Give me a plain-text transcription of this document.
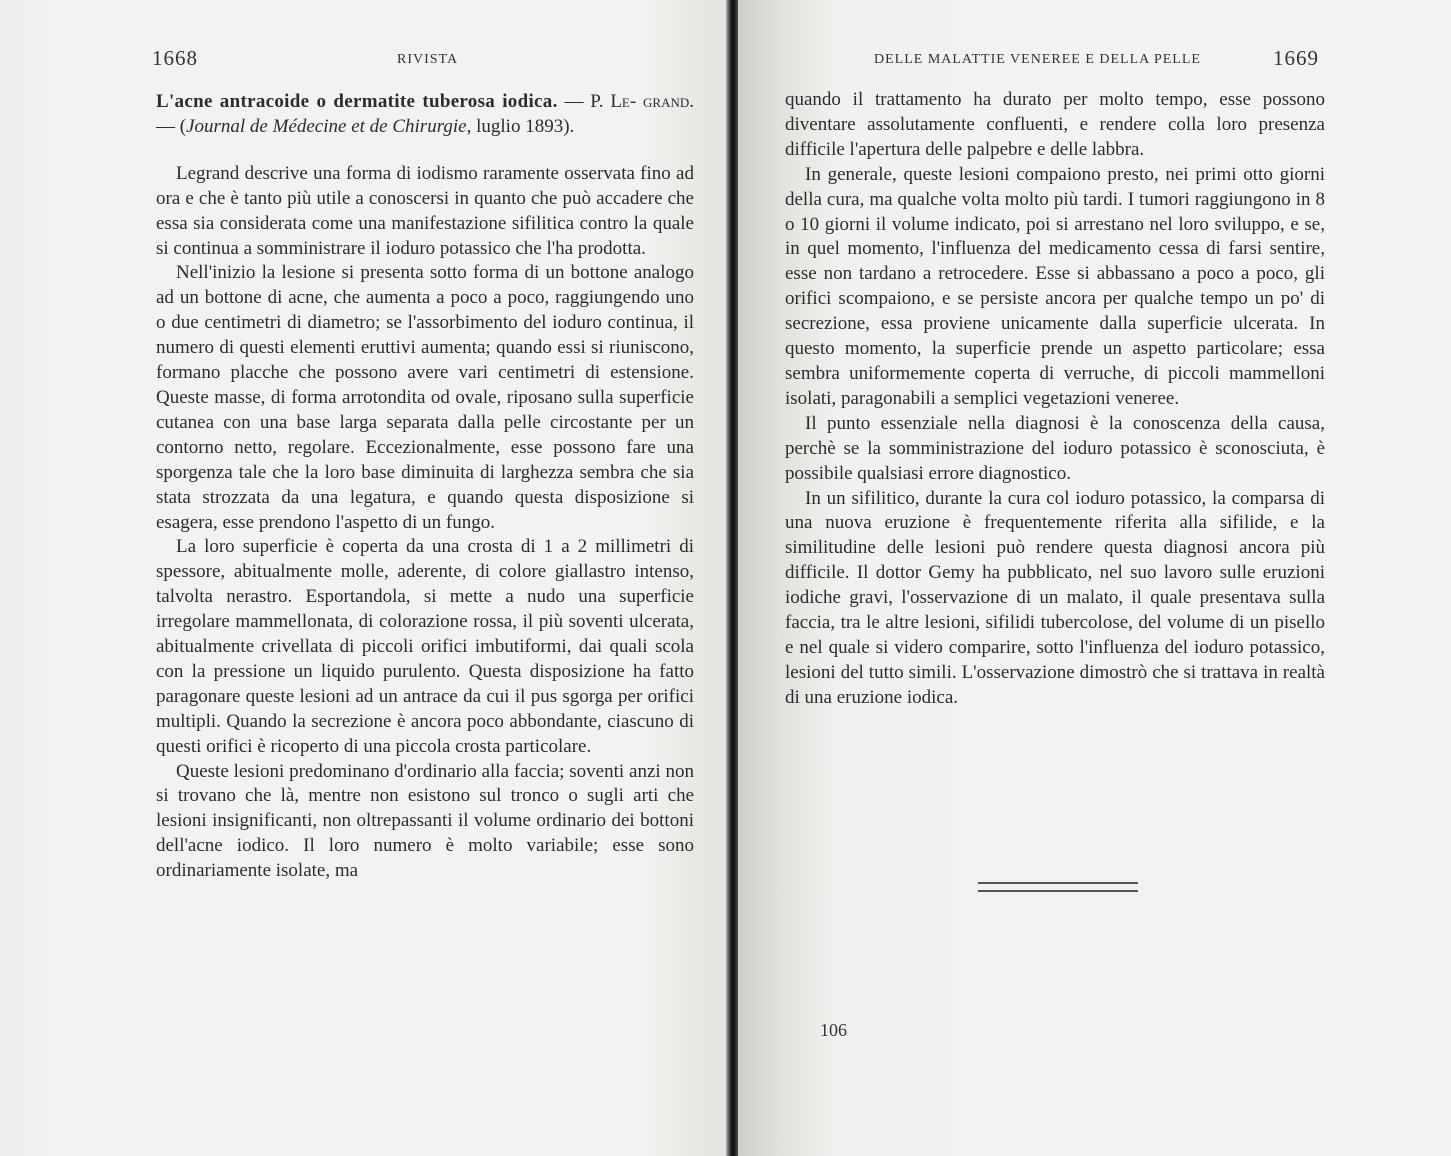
1668	RIVISTA

L'acne antracoide o dermatite tuberosa iodica. — P. Le- grand. — (Journal de Médecine et de Chirurgie, luglio 1893).

Legrand descrive una forma di iodismo raramente osservata fino ad ora e che è tanto più utile a conoscersi in quanto che può accadere che essa sia considerata come una manifestazione sifilitica contro la quale si continua a somministrare il ioduro potassico che l'ha prodotta.

Nell'inizio la lesione si presenta sotto forma di un bottone analogo ad un bottone di acne, che aumenta a poco a poco, raggiungendo uno o due centimetri di diametro; se l'assorbimento del ioduro continua, il numero di questi elementi eruttivi aumenta; quando essi si riuniscono, formano placche che possono avere vari centimetri di estensione. Queste masse, di forma arrotondita od ovale, riposano sulla superficie cutanea con una base larga separata dalla pelle circostante per un contorno netto, regolare. Eccezionalmente, esse possono fare una sporgenza tale che la loro base diminuita di larghezza sembra che sia stata strozzata da una legatura, e quando questa disposizione si esagera, esse prendono l'aspetto di un fungo.

La loro superficie è coperta da una crosta di 1 a 2 millimetri di spessore, abitualmente molle, aderente, di colore giallastro intenso, talvolta nerastro. Esportandola, si mette a nudo una superficie irregolare mammellonata, di colorazione rossa, il più soventi ulcerata, abitualmente crivellata di piccoli orifici imbutiformi, dai quali scola con la pressione un liquido purulento. Questa disposizione ha fatto paragonare queste lesioni ad un antrace da cui il pus sgorga per orifici multipli. Quando la secrezione è ancora poco abbondante, ciascuno di questi orifici è ricoperto di una piccola crosta particolare.

Queste lesioni predominano d'ordinario alla faccia; soventi anzi non si trovano che là, mentre non esistono sul tronco o sugli arti che lesioni insignificanti, non oltrepassanti il volume ordinario dei bottoni dell'acne iodico. Il loro numero è molto variabile; esse sono ordinariamente isolate, ma

DELLE MALATTIE VENEREE E DELLA PELLE	1669

quando il trattamento ha durato per molto tempo, esse possono diventare assolutamente confluenti, e rendere colla loro presenza difficile l'apertura delle palpebre e delle labbra.

In generale, queste lesioni compaiono presto, nei primi otto giorni della cura, ma qualche volta molto più tardi. I tumori raggiungono in 8 o 10 giorni il volume indicato, poi si arrestano nel loro sviluppo, e se, in quel momento, l'influenza del medicamento cessa di farsi sentire, esse non tardano a retrocedere. Esse si abbassano a poco a poco, gli orifici scompaiono, e se persiste ancora per qualche tempo un po' di secrezione, essa proviene unicamente dalla superficie ulcerata. In questo momento, la superficie prende un aspetto particolare; essa sembra uniformemente coperta di verruche, di piccoli mammelloni isolati, paragonabili a semplici vegetazioni veneree.

Il punto essenziale nella diagnosi è la conoscenza della causa, perchè se la somministrazione del ioduro potassico è sconosciuta, è possibile qualsiasi errore diagnostico.

In un sifilitico, durante la cura col ioduro potassico, la comparsa di una nuova eruzione è frequentemente riferita alla sifilide, e la similitudine delle lesioni può rendere questa diagnosi ancora più difficile. Il dottor Gemy ha pubblicato, nel suo lavoro sulle eruzioni iodiche gravi, l'osservazione di un malato, il quale presentava sulla faccia, tra le altre lesioni, sifilidi tubercolose, del volume di un pisello e nel quale si videro comparire, sotto l'influenza del ioduro potassico, lesioni del tutto simili. L'osservazione dimostrò che si trattava in realtà di una eruzione iodica.

106
